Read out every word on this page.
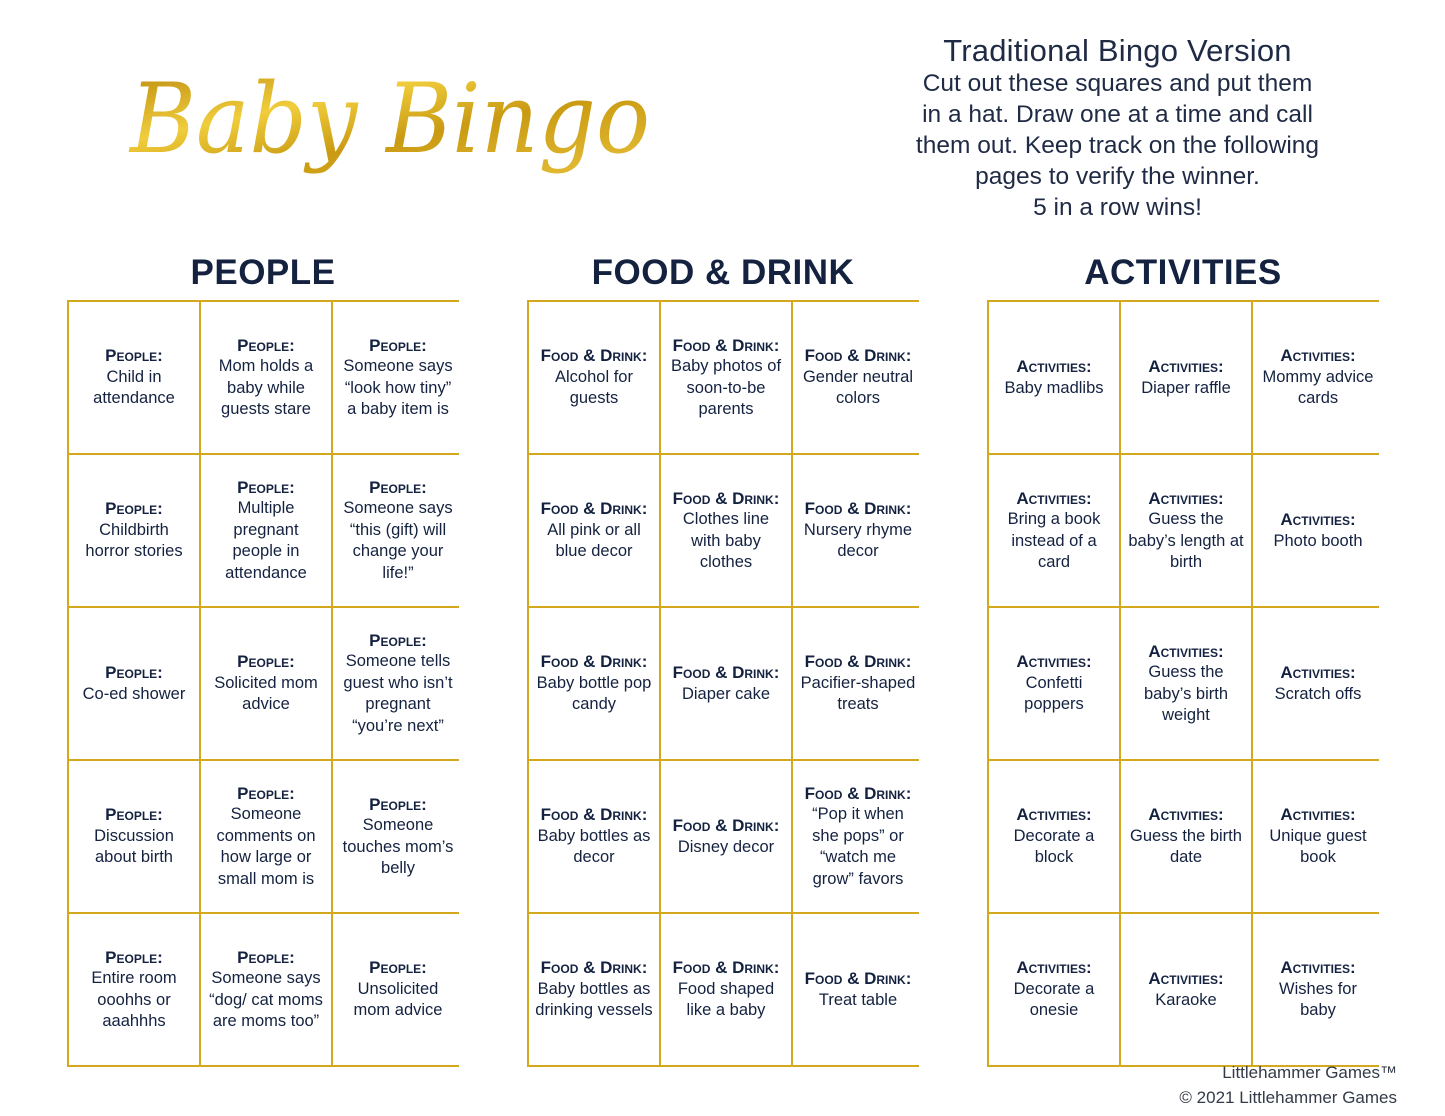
Baby Bingo
Traditional Bingo Version
Cut out these squares and put them
in a hat. Draw one at a time and call
them out. Keep track on the following
pages to verify the winner.
5 in a row wins!
PEOPLE
People:
Child in attendance
People:
Mom holds a baby while guests stare
People:
Someone says “look how tiny” a baby item is
People:
Childbirth horror stories
People:
Multiple pregnant people in attendance
People:
Someone says “this (gift) will change your life!”
People:
Co-ed shower
People:
Solicited mom advice
People:
Someone tells guest who isn’t pregnant “you’re next”
People:
Discussion about birth
People:
Someone comments on how large or small mom is
People:
Someone touches mom’s belly
People:
Entire room ooohhs or aaahhhs
People:
Someone says “dog/ cat moms are moms too”
People:
Unsolicited mom advice
FOOD & DRINK
Food & Drink:
Alcohol for guests
Food & Drink:
Baby photos of soon-to-be parents
Food & Drink:
Gender neutral colors
Food & Drink:
All pink or all blue decor
Food & Drink:
Clothes line with baby clothes
Food & Drink:
Nursery rhyme decor
Food & Drink:
Baby bottle pop candy
Food & Drink:
Diaper cake
Food & Drink:
Pacifier-shaped treats
Food & Drink:
Baby bottles as decor
Food & Drink:
Disney decor
Food & Drink:
“Pop it when she pops” or “watch me grow” favors
Food & Drink:
Baby bottles as drinking vessels
Food & Drink:
Food shaped like a baby
Food & Drink:
Treat table
ACTIVITIES
Activities:
Baby madlibs
Activities:
Diaper raffle
Activities:
Mommy advice cards
Activities:
Bring a book instead of a card
Activities:
Guess the baby’s length at birth
Activities:
Photo booth
Activities:
Confetti poppers
Activities:
Guess the baby’s birth weight
Activities:
Scratch offs
Activities:
Decorate a block
Activities:
Guess the birth date
Activities:
Unique guest book
Activities:
Decorate a onesie
Activities:
Karaoke
Activities:
Wishes for baby
Littlehammer Games™
© 2021 Littlehammer Games
